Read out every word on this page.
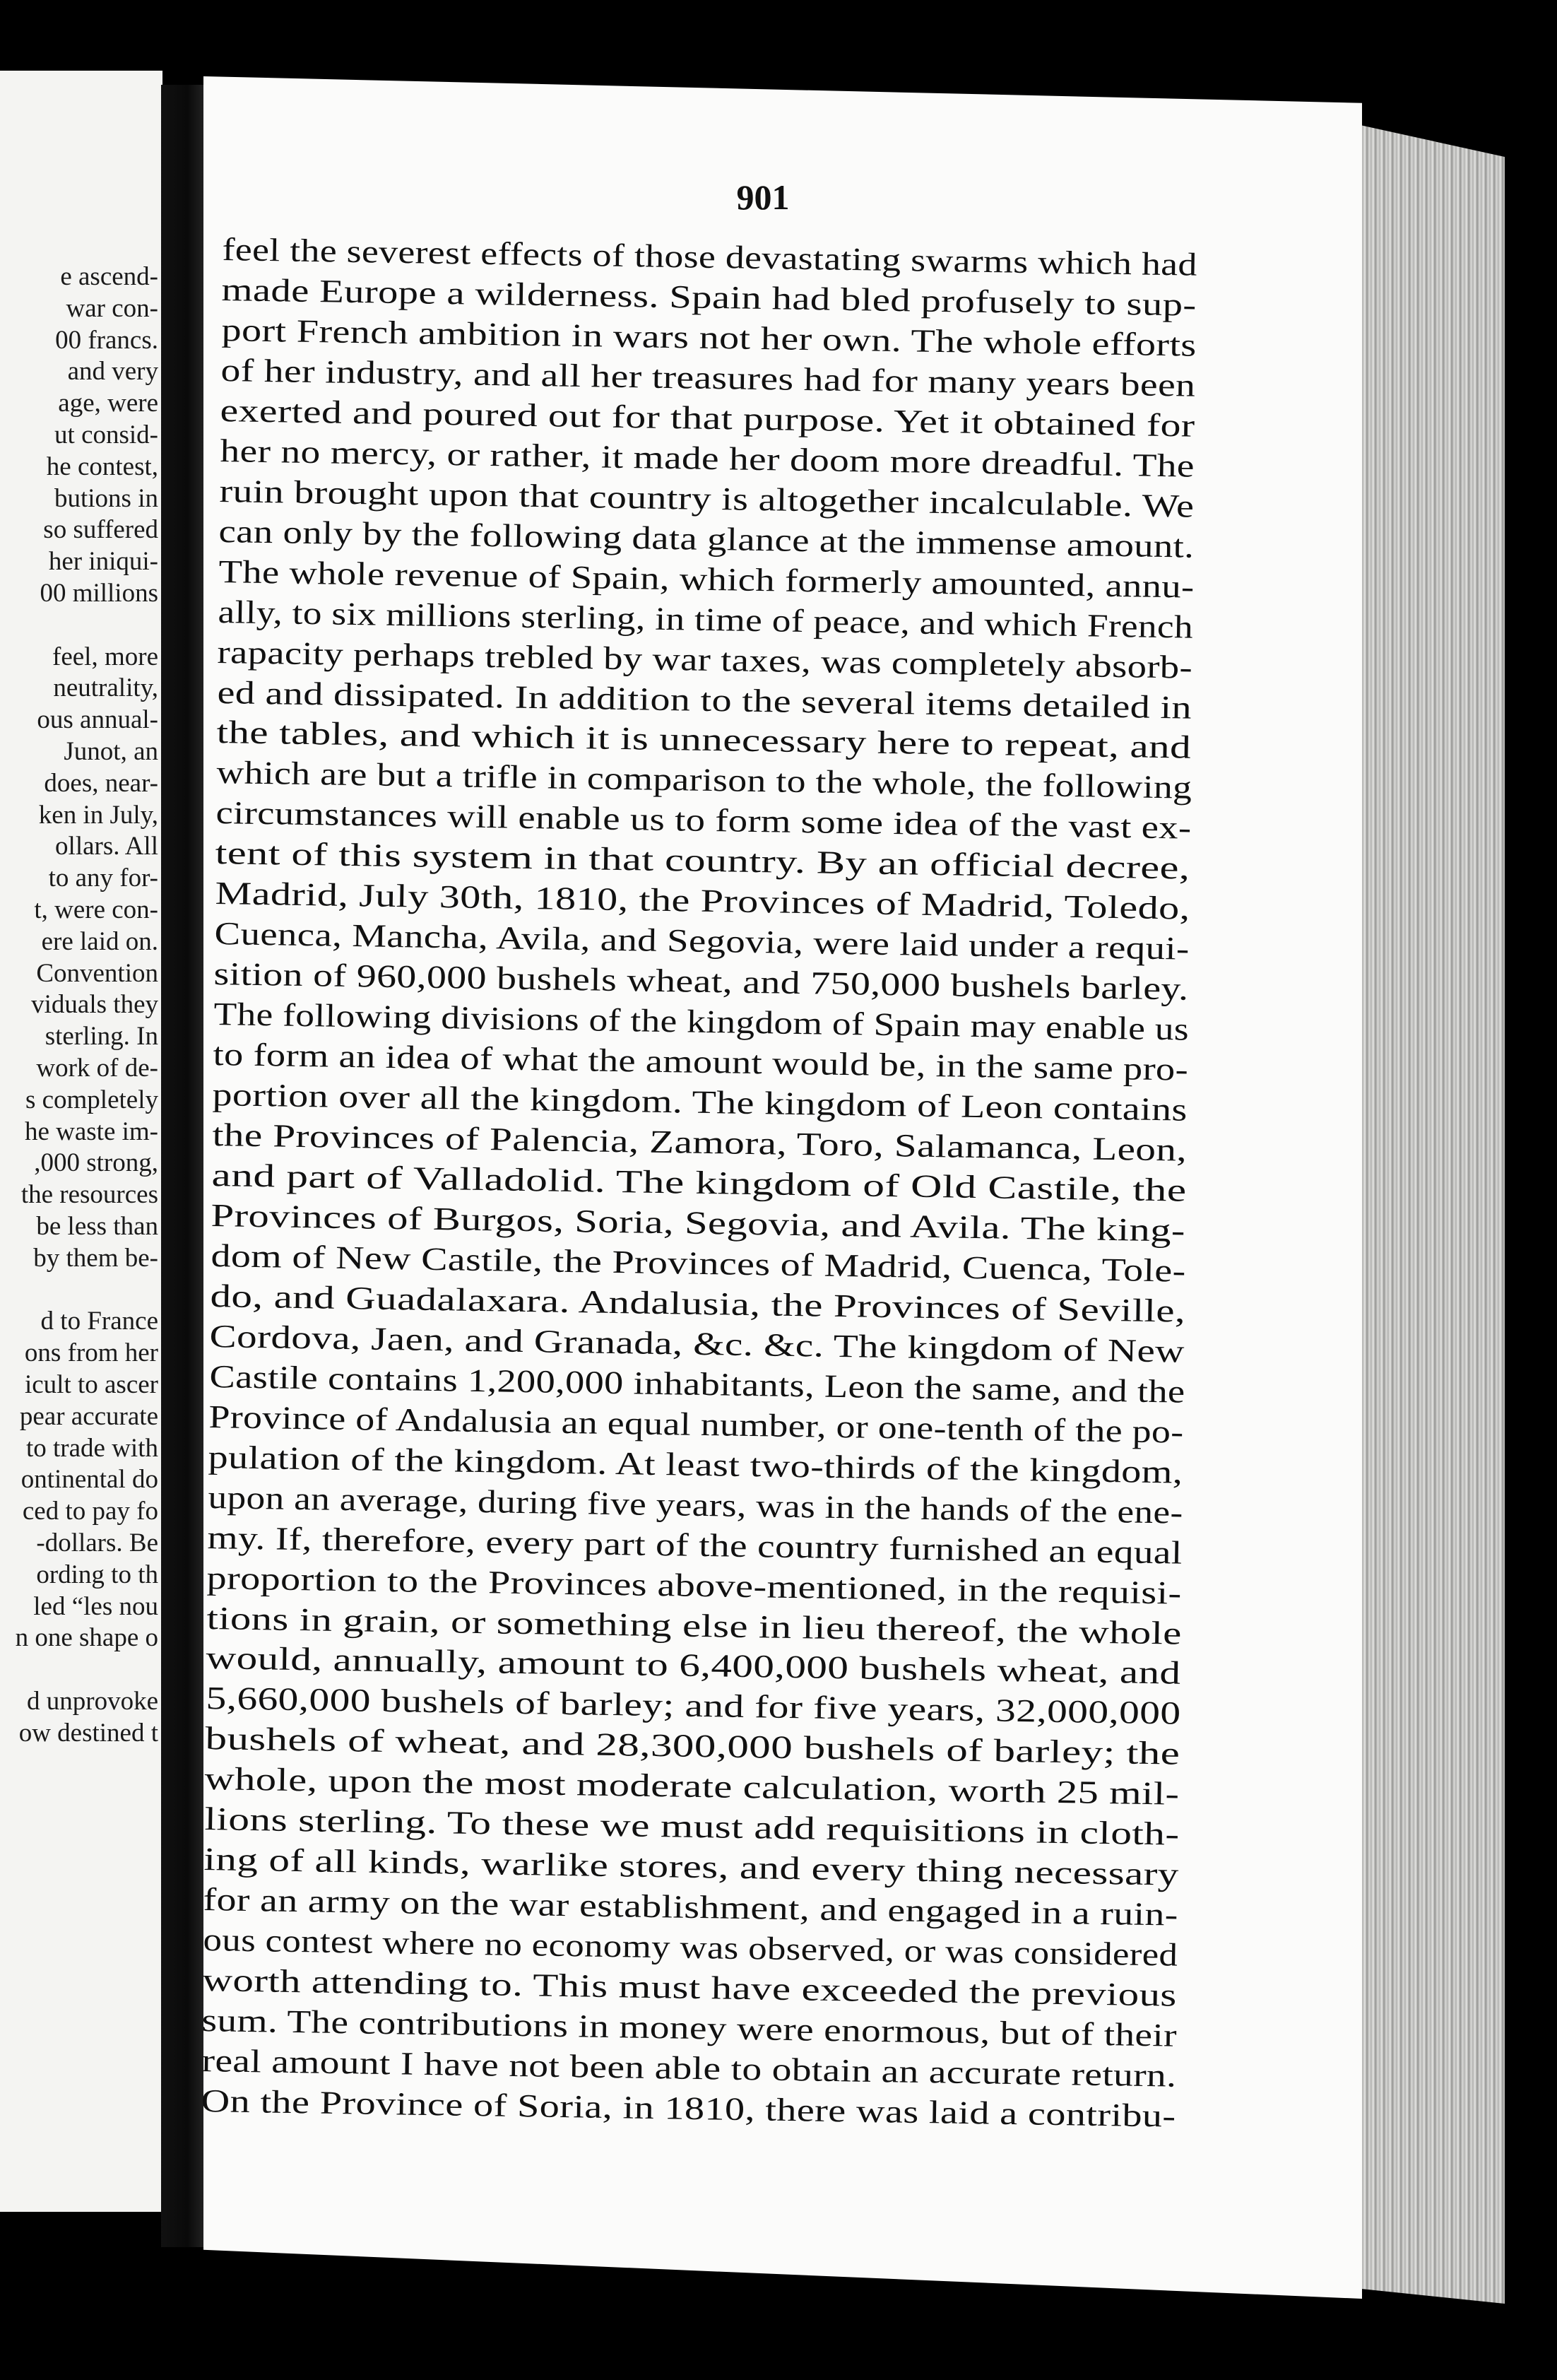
e ascend-
war con-
00 francs.
and very
age, were
ut consid-
he contest,
butions in
so suffered
her iniqui-
00 millions
feel, more
neutrality,
ous annual-
Junot, an
does, near-
ken in July,
ollars. All
to any for-
t, were con-
ere laid on.
Convention
viduals they
sterling. In
work of de-
s completely
he waste im-
,000 strong,
the resources
be less than
by them be-
d to France
ons from her
icult to ascer
pear accurate
to trade with
ontinental do
ced to pay fo
-dollars. Be
ording to th
led “les nou
n one shape o
d unprovoke
ow destined t
901
feel the severest effects of those devastating swarms which had
made Europe a wilderness. Spain had bled profusely to sup-
port French ambition in wars not her own. The whole efforts
of her industry, and all her treasures had for many years been
exerted and poured out for that purpose. Yet it obtained for
her no mercy, or rather, it made her doom more dreadful. The
ruin brought upon that country is altogether incalculable. We
can only by the following data glance at the immense amount.
The whole revenue of Spain, which formerly amounted, annu-
ally, to six millions sterling, in time of peace, and which French
rapacity perhaps trebled by war taxes, was completely absorb-
ed and dissipated. In addition to the several items detailed in
the tables, and which it is unnecessary here to repeat, and
which are but a trifle in comparison to the whole, the following
circumstances will enable us to form some idea of the vast ex-
tent of this system in that country. By an official decree,
Madrid, July 30th, 1810, the Provinces of Madrid, Toledo,
Cuenca, Mancha, Avila, and Segovia, were laid under a requi-
sition of 960,000 bushels wheat, and 750,000 bushels barley.
The following divisions of the kingdom of Spain may enable us
to form an idea of what the amount would be, in the same pro-
portion over all the kingdom. The kingdom of Leon contains
the Provinces of Palencia, Zamora, Toro, Salamanca, Leon,
and part of Valladolid. The kingdom of Old Castile, the
Provinces of Burgos, Soria, Segovia, and Avila. The king-
dom of New Castile, the Provinces of Madrid, Cuenca, Tole-
do, and Guadalaxara. Andalusia, the Provinces of Seville,
Cordova, Jaen, and Granada, &c. &c. The kingdom of New
Castile contains 1,200,000 inhabitants, Leon the same, and the
Province of Andalusia an equal number, or one-tenth of the po-
pulation of the kingdom. At least two-thirds of the kingdom,
upon an average, during five years, was in the hands of the ene-
my. If, therefore, every part of the country furnished an equal
proportion to the Provinces above-mentioned, in the requisi-
tions in grain, or something else in lieu thereof, the whole
would, annually, amount to 6,400,000 bushels wheat, and
5,660,000 bushels of barley; and for five years, 32,000,000
bushels of wheat, and 28,300,000 bushels of barley; the
whole, upon the most moderate calculation, worth 25 mil-
lions sterling. To these we must add requisitions in cloth-
ing of all kinds, warlike stores, and every thing necessary
for an army on the war establishment, and engaged in a ruin-
ous contest where no economy was observed, or was considered
worth attending to. This must have exceeded the previous
sum. The contributions in money were enormous, but of their
real amount I have not been able to obtain an accurate return.
On the Province of Soria, in 1810, there was laid a contribu-
